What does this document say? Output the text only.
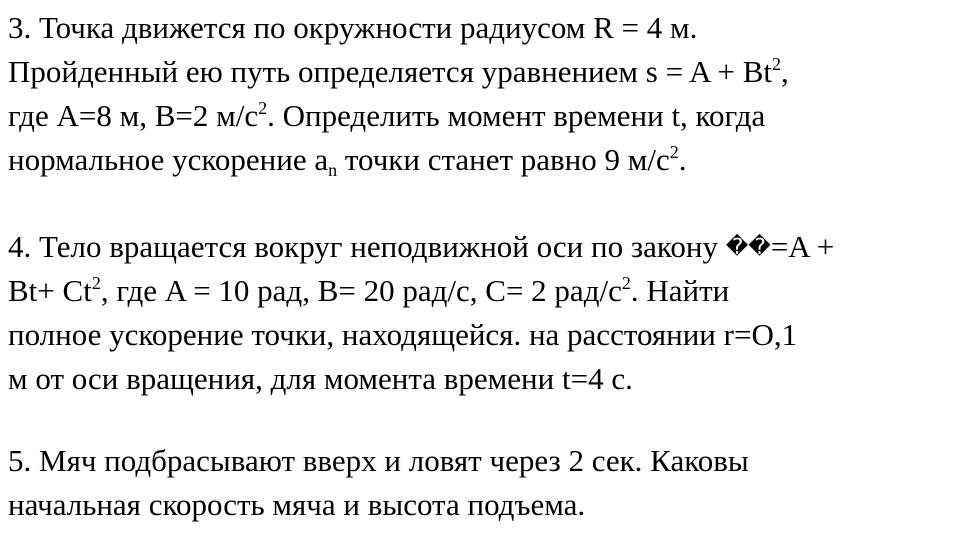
3. Точка движется по окружности радиусом R = 4 м.
Пройденный ею путь определяется уравнением $s = A + Bt^2$,
где A=8 м, B=2 $м/с^2$. Определить момент времени t, когда
нормальное ускорение $a_n$ точки станет равно 9 $м/с^2$.
4. Тело вращается вокруг неподвижной оси по закону ��=A +
$Bt+ Ct^2$, где A = 10 рад, B= 20 рад/с, C= 2 рад/$с^2$. Найти
полное ускорение точки, находящейся. на расстоянии r=O,1
м от оси вращения, для момента времени t=4 с.
5. Мяч подбрасывают вверх и ловят через 2 сек. Каковы
начальная скорость мяча и высота подъема.
